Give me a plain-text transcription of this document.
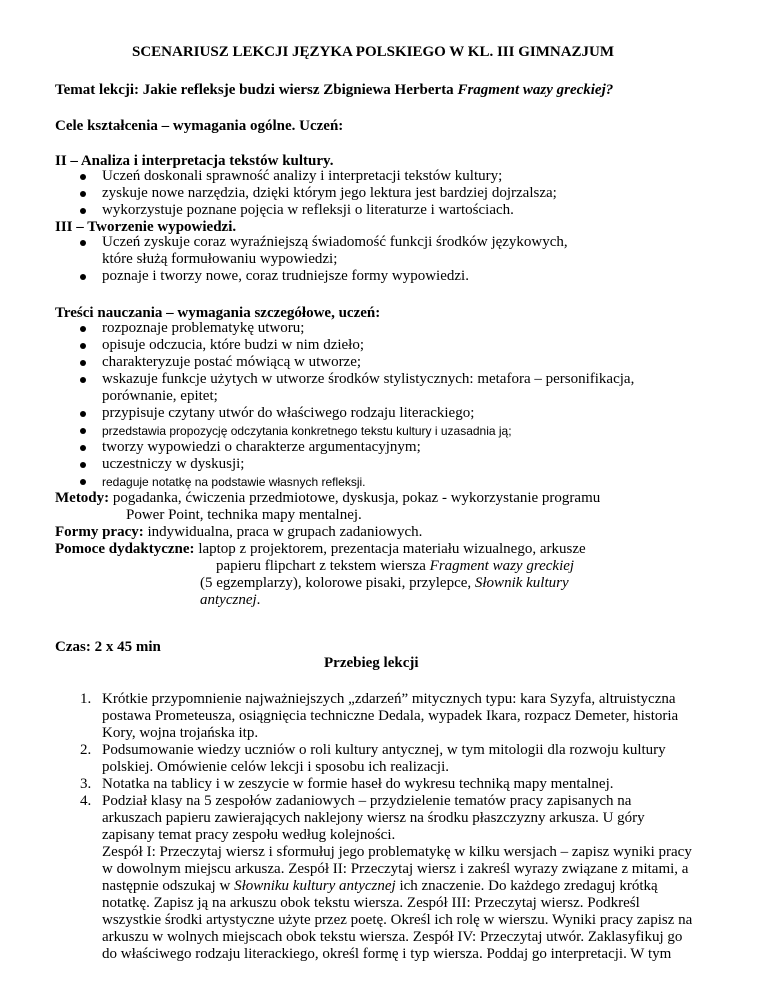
SCENARIUSZ LEKCJI JĘZYKA POLSKIEGO W KL. III GIMNAZJUM
Temat lekcji: Jakie refleksje budzi wiersz Zbigniewa Herberta Fragment wazy greckiej?
Cele kształcenia – wymagania ogólne. Uczeń:
II – Analiza i interpretacja tekstów kultury.
Uczeń doskonali sprawność analizy i interpretacji tekstów kultury;
zyskuje nowe narzędzia, dzięki którym jego lektura jest bardziej dojrzalsza;
wykorzystuje poznane pojęcia w refleksji o literaturze i wartościach.
III – Tworzenie wypowiedzi.
Uczeń zyskuje coraz wyraźniejszą świadomość funkcji środków językowych,
które służą formułowaniu wypowiedzi;
poznaje i tworzy nowe, coraz trudniejsze formy wypowiedzi.
Treści nauczania – wymagania szczegółowe, uczeń:
rozpoznaje problematykę utworu;
opisuje odczucia, które budzi w nim dzieło;
charakteryzuje postać mówiącą w utworze;
wskazuje funkcje użytych w utworze środków stylistycznych: metafora – personifikacja,
porównanie, epitet;
przypisuje czytany utwór do właściwego rodzaju literackiego;
przedstawia propozycję odczytania konkretnego tekstu kultury i uzasadnia ją;
tworzy wypowiedzi o charakterze argumentacyjnym;
uczestniczy w dyskusji;
redaguje notatkę na podstawie własnych refleksji.
Metody: pogadanka, ćwiczenia przedmiotowe, dyskusja, pokaz - wykorzystanie programu
Power Point, technika mapy mentalnej.
Formy pracy: indywidualna, praca w grupach zadaniowych.
Pomoce dydaktyczne: laptop z projektorem, prezentacja materiału wizualnego, arkusze
papieru flipchart z tekstem wiersza Fragment wazy greckiej
(5 egzemplarzy), kolorowe pisaki, przylepce, Słownik kultury
antycznej.
Czas: 2 x 45 min
Przebieg lekcji
1. Krótkie przypomnienie najważniejszych „zdarzeń” mitycznych typu: kara Syzyfa, altruistyczna
postawa Prometeusza, osiągnięcia techniczne Dedala, wypadek Ikara, rozpacz Demeter, historia
Kory, wojna trojańska itp.
2. Podsumowanie wiedzy uczniów o roli kultury antycznej, w tym mitologii dla rozwoju kultury
polskiej. Omówienie celów lekcji i sposobu ich realizacji.
3. Notatka na tablicy i w zeszycie w formie haseł do wykresu techniką mapy mentalnej.
4. Podział klasy na 5 zespołów zadaniowych – przydzielenie tematów pracy zapisanych na
arkuszach papieru zawierających naklejony wiersz na środku płaszczyzny arkusza. U góry
zapisany temat pracy zespołu według kolejności.
Zespół I: Przeczytaj wiersz i sformułuj jego problematykę w kilku wersjach – zapisz wyniki pracy
w dowolnym miejscu arkusza. Zespół II: Przeczytaj wiersz i zakreśl wyrazy związane z mitami, a
następnie odszukaj w Słowniku kultury antycznej ich znaczenie. Do każdego zredaguj krótką
notatkę. Zapisz ją na arkuszu obok tekstu wiersza. Zespół III: Przeczytaj wiersz. Podkreśl
wszystkie środki artystyczne użyte przez poetę. Określ ich rolę w wierszu. Wyniki pracy zapisz na
arkuszu w wolnych miejscach obok tekstu wiersza. Zespół IV: Przeczytaj utwór. Zaklasyfikuj go
do właściwego rodzaju literackiego, określ formę i typ wiersza. Poddaj go interpretacji. W tym
